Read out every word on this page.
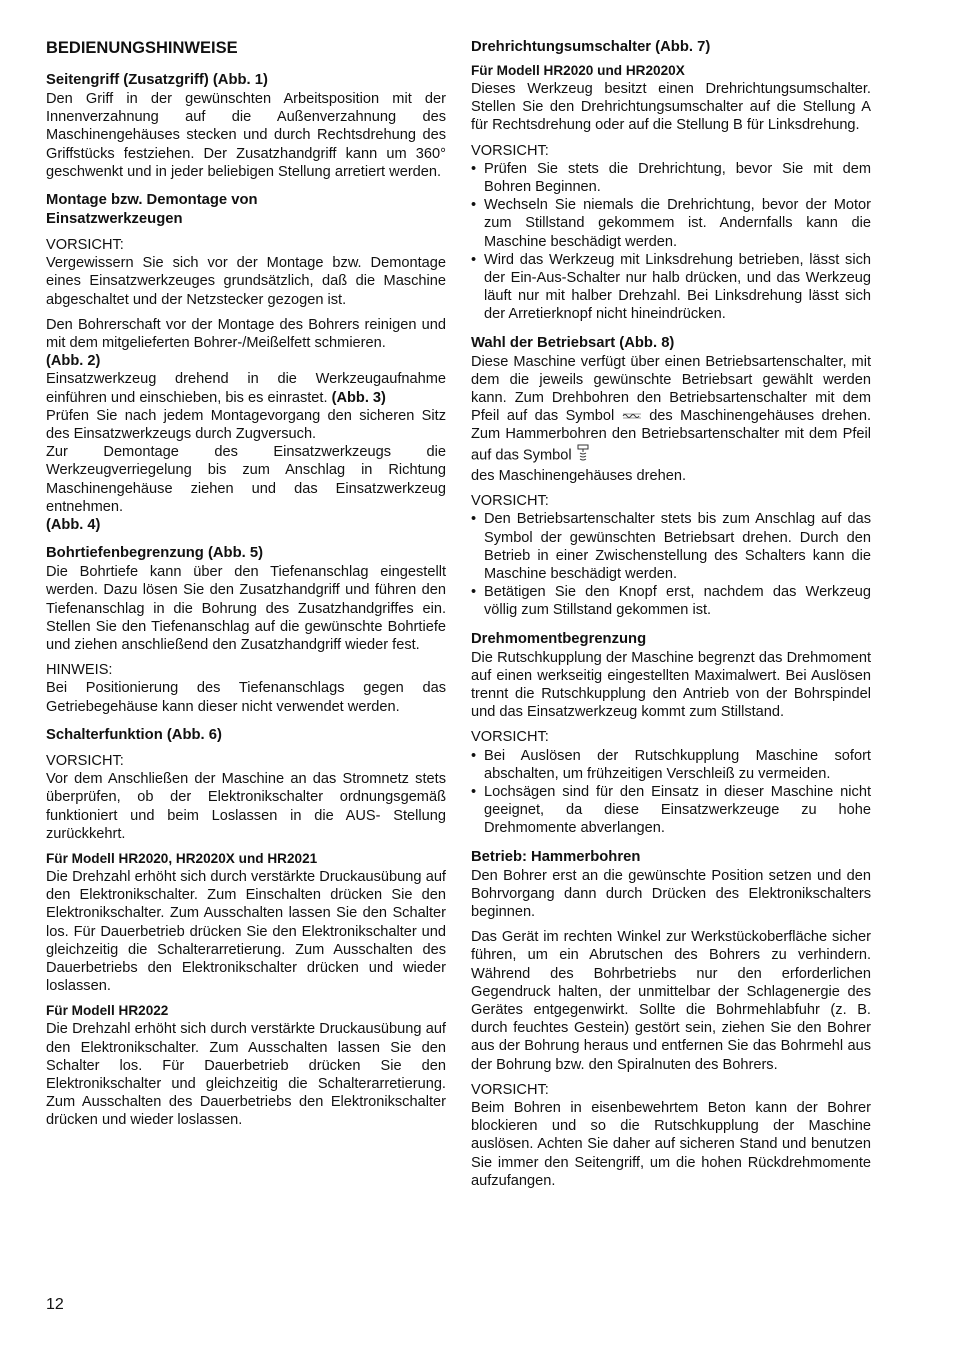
BEDIENUNGSHINWEISE
Seitengriff (Zusatzgriff) (Abb. 1)

Den Griff in der gewünschten Arbeitsposition mit der Innenverzahnung auf die Außenverzahnung des Maschinengehäuses stecken und durch Rechtsdrehung des Griffstücks festziehen. Der Zusatzhandgriff kann um 360° geschwenkt und in jeder beliebigen Stellung arretiert werden.

Montage bzw. Demontage von
Einsatzwerkzeugen

VORSICHT:

Vergewissern Sie sich vor der Montage bzw. Demontage eines Einsatzwerkzeuges grundsätzlich, daß die Maschine abgeschaltet und der Netzstecker gezogen ist.

Den Bohrerschaft vor der Montage des Bohrers reinigen und mit dem mitgelieferten Bohrer-/Meißelfett schmieren.
(Abb. 2)

Einsatzwerkzeug drehend in die Werkzeugaufnahme einführen und einschieben, bis es einrastet. (Abb. 3)

Prüfen Sie nach jedem Montagevorgang den sicheren Sitz des Einsatzwerkzeugs durch Zugversuch.

Zur Demontage des Einsatzwerkzeugs die Werkzeugverriegelung bis zum Anschlag in Richtung Maschinengehäuse ziehen und das Einsatzwerkzeug entnehmen.
(Abb. 4)

Bohrtiefenbegrenzung (Abb. 5)

Die Bohrtiefe kann über den Tiefenanschlag eingestellt werden. Dazu lösen Sie den Zusatzhandgriff und führen den Tiefenanschlag in die Bohrung des Zusatzhandgriffes ein. Stellen Sie den Tiefenanschlag auf die gewünschte Bohrtiefe und ziehen anschließend den Zusatzhandgriff wieder fest.

HINWEIS:

Bei Positionierung des Tiefenanschlags gegen das Getriebegehäuse kann dieser nicht verwendet werden.

Schalterfunktion (Abb. 6)

VORSICHT:

Vor dem Anschließen der Maschine an das Stromnetz stets überprüfen, ob der Elektronikschalter ordnungsgemäß funktioniert und beim Loslassen in die AUS- Stellung zurückkehrt.

Für Modell HR2020, HR2020X und HR2021

Die Drehzahl erhöht sich durch verstärkte Druckausübung auf den Elektronikschalter. Zum Einschalten drücken Sie den Elektronikschalter. Zum Ausschalten lassen Sie den Schalter los. Für Dauerbetrieb drücken Sie den Elektronikschalter und gleichzeitig die Schalterarretierung. Zum Ausschalten des Dauerbetriebs den Elektronikschalter drücken und wieder loslassen.

Für Modell HR2022

Die Drehzahl erhöht sich durch verstärkte Druckausübung auf den Elektronikschalter. Zum Ausschalten lassen Sie den Schalter los. Für Dauerbetrieb drücken Sie den Elektronikschalter und gleichzeitig die Schalterarretierung. Zum Ausschalten des Dauerbetriebs den Elektronikschalter drücken und wieder loslassen.

Drehrichtungsumschalter (Abb. 7)
Für Modell HR2020 und HR2020X

Dieses Werkzeug besitzt einen Drehrichtungsumschalter. Stellen Sie den Drehrichtungsumschalter auf die Stellung A für Rechtsdrehung oder auf die Stellung B für Linksdrehung.

VORSICHT:

• Prüfen Sie stets die Drehrichtung, bevor Sie mit dem Bohren Beginnen.
• Wechseln Sie niemals die Drehrichtung, bevor der Motor zum Stillstand gekommem ist. Andernfalls kann die Maschine beschädigt werden.
• Wird das Werkzeug mit Linksdrehung betrieben, lässt sich der Ein-Aus-Schalter nur halb drücken, und das Werkzeug läuft nur mit halber Drehzahl. Bei Linksdrehung lässt sich der Arretierknopf nicht hineindrücken.
Wahl der Betriebsart (Abb. 8)

Diese Maschine verfügt über einen Betriebsartenschalter, mit dem die jeweils gewünschte Betriebsart gewählt werden kann. Zum Drehbohren den Betriebsartenschalter mit dem Pfeil auf das Symbol des Maschinengehäuses drehen. Zum Hammerbohren den Betriebsartenschalter mit dem Pfeil auf das Symbol
des Maschinengehäuses drehen.

VORSICHT:

• Den Betriebsartenschalter stets bis zum Anschlag auf das Symbol der gewünschten Betriebsart drehen. Durch den Betrieb in einer Zwischenstellung des Schalters kann die Maschine beschädigt werden.
• Betätigen Sie den Knopf erst, nachdem das Werkzeug völlig zum Stillstand gekommen ist.
Drehmomentbegrenzung

Die Rutschkupplung der Maschine begrenzt das Drehmoment auf einen werkseitig eingestellten Maximalwert. Bei Auslösen trennt die Rutschkupplung den Antrieb von der Bohrspindel und das Einsatzwerkzeug kommt zum Stillstand.

VORSICHT:

• Bei Auslösen der Rutschkupplung Maschine sofort abschalten, um frühzeitigen Verschleiß zu vermeiden.
• Lochsägen sind für den Einsatz in dieser Maschine nicht geeignet, da diese Einsatzwerkzeuge zu hohe Drehmomente abverlangen.
Betrieb: Hammerbohren

Den Bohrer erst an die gewünschte Position setzen und den Bohrvorgang dann durch Drücken des Elektronikschalters beginnen.

Das Gerät im rechten Winkel zur Werkstückoberfläche sicher führen, um ein Abrutschen des Bohrers zu verhindern. Während des Bohrbetriebs nur den erforderlichen Gegendruck halten, der unmittelbar der Schlagenergie des Gerätes entgegenwirkt. Sollte die Bohrmehlabfuhr (z. B. durch feuchtes Gestein) gestört sein, ziehen Sie den Bohrer aus der Bohrung heraus und entfernen Sie das Bohrmehl aus der Bohrung bzw. den Spiralnuten des Bohrers.

VORSICHT:

Beim Bohren in eisenbewehrtem Beton kann der Bohrer blockieren und so die Rutschkupplung der Maschine auslösen. Achten Sie daher auf sicheren Stand und benutzen Sie immer den Seitengriff, um die hohen Rückdrehmomente aufzufangen.

12
